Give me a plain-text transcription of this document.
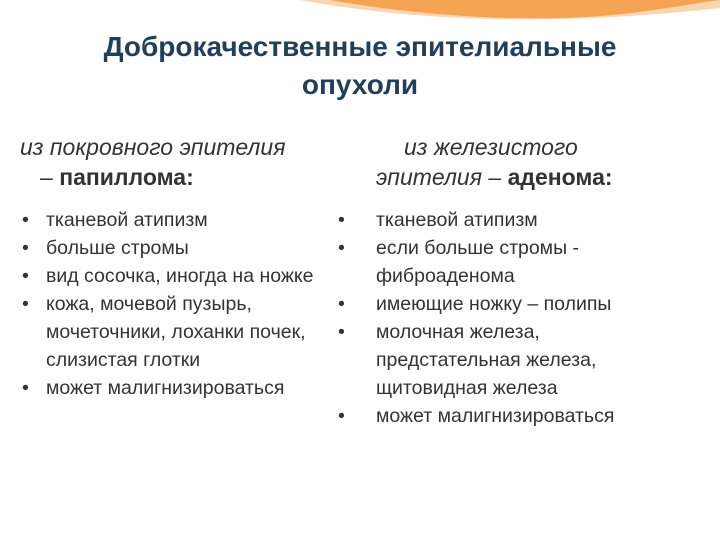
Доброкачественные эпителиальные
опухоли
из покровного эпителия
– папиллома:
• тканевой атипизм
• больше стромы
• вид сосочка, иногда на ножке
• кожа, мочевой пузырь, мочеточники, лоханки почек, слизистая глотки
• может малигнизироваться
из железистого
эпителия – аденома:
• тканевой атипизм
• если больше стромы - фиброаденома
• имеющие ножку – полипы
• молочная железа, предстательная железа, щитовидная железа
• может малигнизироваться
